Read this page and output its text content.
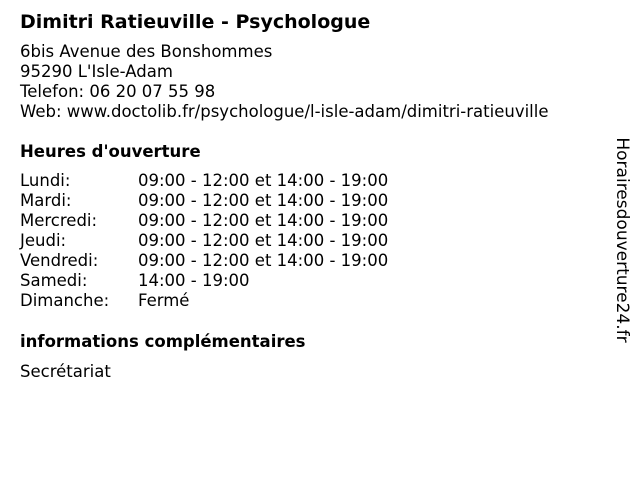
Dimitri Ratieuville - Psychologue
6bis Avenue des Bonshommes
95290 L'Isle-Adam
Telefon: 06 20 07 55 98
Web: www.doctolib.fr/psychologue/l-isle-adam/dimitri-ratieuville
Heures d'ouverture
Lundi:	09:00 - 12:00 et 14:00 - 19:00
Mardi:	09:00 - 12:00 et 14:00 - 19:00
Mercredi:	09:00 - 12:00 et 14:00 - 19:00
Jeudi:	09:00 - 12:00 et 14:00 - 19:00
Vendredi:	09:00 - 12:00 et 14:00 - 19:00
Samedi:	14:00 - 19:00
Dimanche:	Fermé
informations complémentaires
Secrétariat
Horairesdouverture24.fr
